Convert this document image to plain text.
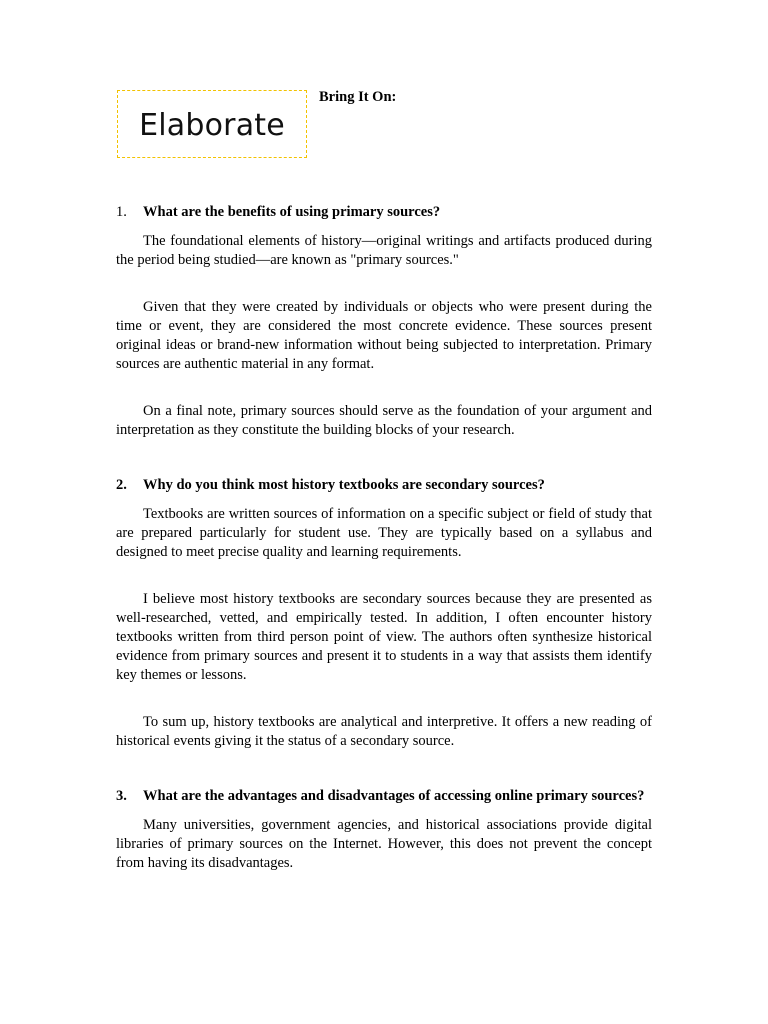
Elaborate
Bring It On:
1.	What are the benefits of using primary sources?

The foundational elements of history—original writings and artifacts produced during the period being studied—are known as "primary sources."

Given that they were created by individuals or objects who were present during the time or event, they are considered the most concrete evidence. These sources present original ideas or brand-new information without being subjected to interpretation. Primary sources are authentic material in any format.

On a final note, primary sources should serve as the foundation of your argument and interpretation as they constitute the building blocks of your research.

2.	Why do you think most history textbooks are secondary sources?

Textbooks are written sources of information on a specific subject or field of study that are prepared particularly for student use. They are typically based on a syllabus and designed to meet precise quality and learning requirements.

I believe most history textbooks are secondary sources because they are presented as well-researched, vetted, and empirically tested. In addition, I often encounter history textbooks written from third person point of view. The authors often synthesize historical evidence from primary sources and present it to students in a way that assists them identify key themes or lessons.

To sum up, history textbooks are analytical and interpretive. It offers a new reading of historical events giving it the status of a secondary source.

3.	What are the advantages and disadvantages of accessing online primary sources?

Many universities, government agencies, and historical associations provide digital libraries of primary sources on the Internet. However, this does not prevent the concept from having its disadvantages.
